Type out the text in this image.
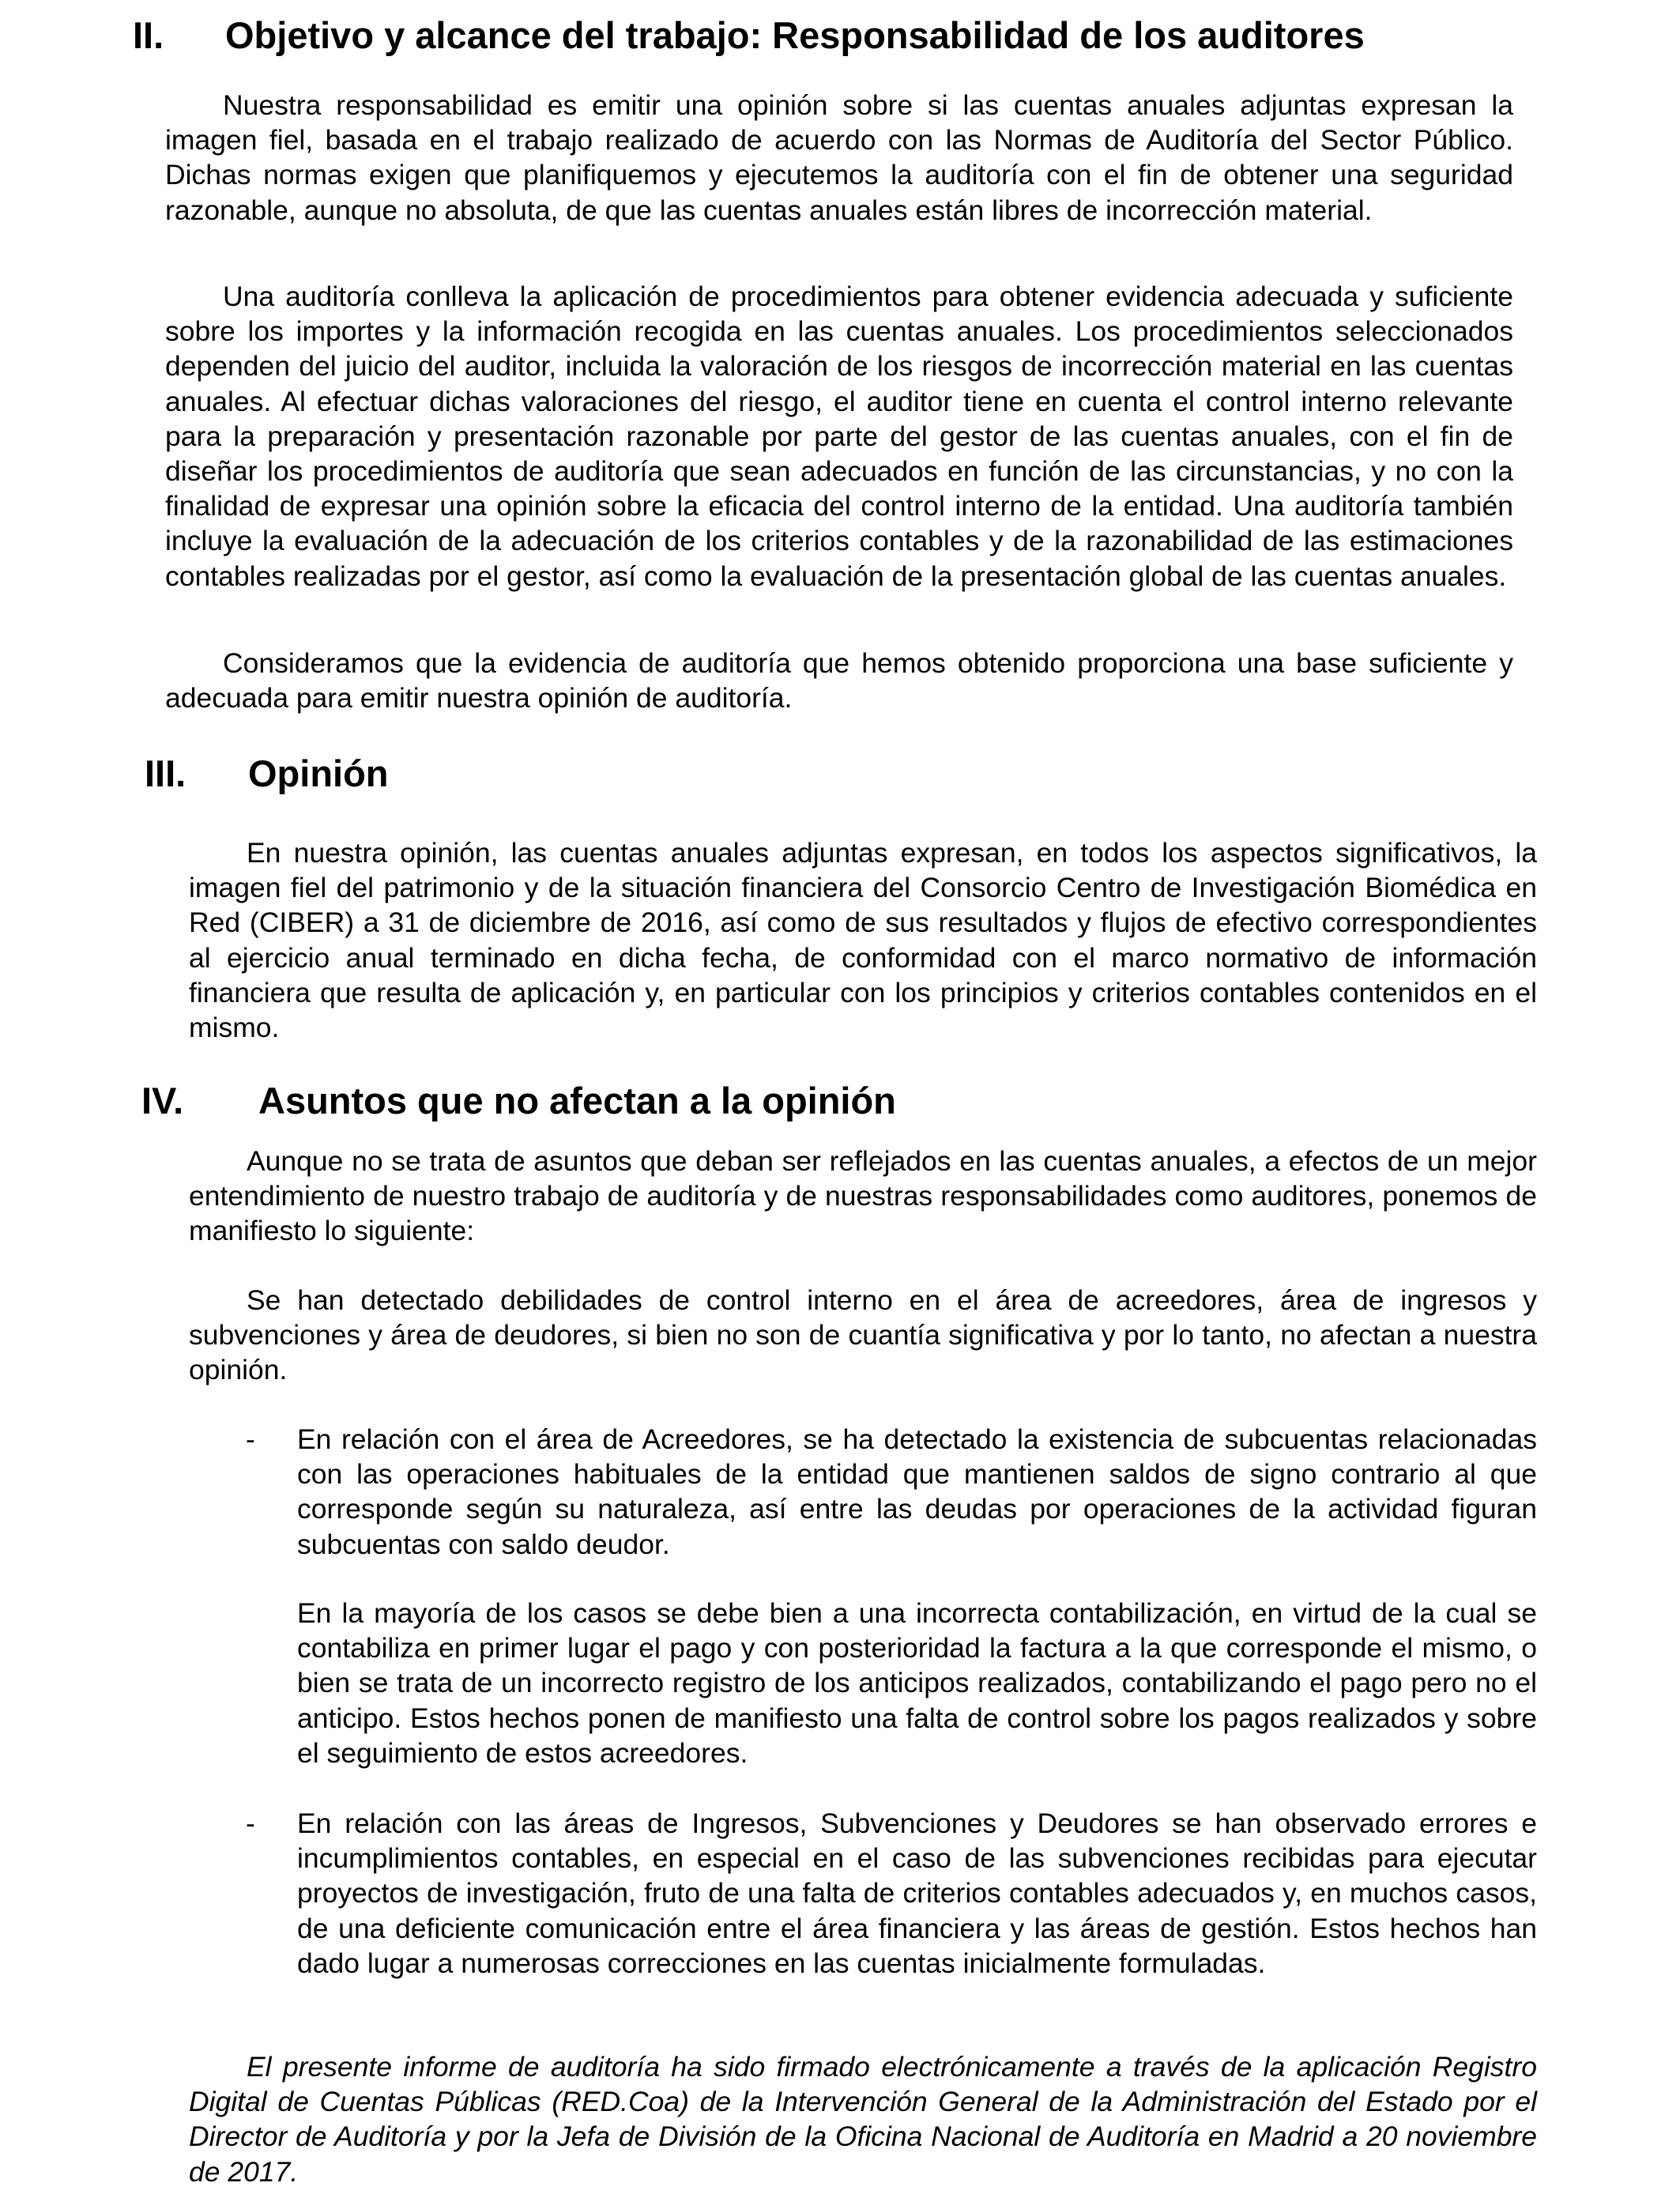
II. Objetivo y alcance del trabajo: Responsabilidad de los auditores

Nuestra responsabilidad es emitir una opinión sobre si las cuentas anuales adjuntas expresan la imagen fiel, basada en el trabajo realizado de acuerdo con las Normas de Auditoría del Sector Público. Dichas normas exigen que planifiquemos y ejecutemos la auditoría con el fin de obtener una seguridad razonable, aunque no absoluta, de que las cuentas anuales están libres de incorrección material.

Una auditoría conlleva la aplicación de procedimientos para obtener evidencia adecuada y suficiente sobre los importes y la información recogida en las cuentas anuales. Los procedimientos seleccionados dependen del juicio del auditor, incluida la valoración de los riesgos de incorrección material en las cuentas anuales. Al efectuar dichas valoraciones del riesgo, el auditor tiene en cuenta el control interno relevante para la preparación y presentación razonable por parte del gestor de las cuentas anuales, con el fin de diseñar los procedimientos de auditoría que sean adecuados en función de las circunstancias, y no con la finalidad de expresar una opinión sobre la eficacia del control interno de la entidad. Una auditoría también incluye la evaluación de la adecuación de los criterios contables y de la razonabilidad de las estimaciones contables realizadas por el gestor, así como la evaluación de la presentación global de las cuentas anuales.

Consideramos que la evidencia de auditoría que hemos obtenido proporciona una base suficiente y adecuada para emitir nuestra opinión de auditoría.

III. Opinión

En nuestra opinión, las cuentas anuales adjuntas expresan, en todos los aspectos significativos, la imagen fiel del patrimonio y de la situación financiera del Consorcio Centro de Investigación Biomédica en Red (CIBER) a 31 de diciembre de 2016, así como de sus resultados y flujos de efectivo correspondientes al ejercicio anual terminado en dicha fecha, de conformidad con el marco normativo de información financiera que resulta de aplicación y, en particular con los principios y criterios contables contenidos en el mismo.

IV. Asuntos que no afectan a la opinión

Aunque no se trata de asuntos que deban ser reflejados en las cuentas anuales, a efectos de un mejor entendimiento de nuestro trabajo de auditoría y de nuestras responsabilidades como auditores, ponemos de manifiesto lo siguiente:

Se han detectado debilidades de control interno en el área de acreedores, área de ingresos y subvenciones y área de deudores, si bien no son de cuantía significativa y por lo tanto, no afectan a nuestra opinión.

- En relación con el área de Acreedores, se ha detectado la existencia de subcuentas relacionadas con las operaciones habituales de la entidad que mantienen saldos de signo contrario al que corresponde según su naturaleza, así entre las deudas por operaciones de la actividad figuran subcuentas con saldo deudor.

En la mayoría de los casos se debe bien a una incorrecta contabilización, en virtud de la cual se contabiliza en primer lugar el pago y con posterioridad la factura a la que corresponde el mismo, o bien se trata de un incorrecto registro de los anticipos realizados, contabilizando el pago pero no el anticipo. Estos hechos ponen de manifiesto una falta de control sobre los pagos realizados y sobre el seguimiento de estos acreedores.

- En relación con las áreas de Ingresos, Subvenciones y Deudores se han observado errores e incumplimientos contables, en especial en el caso de las subvenciones recibidas para ejecutar proyectos de investigación, fruto de una falta de criterios contables adecuados y, en muchos casos, de una deficiente comunicación entre el área financiera y las áreas de gestión. Estos hechos han dado lugar a numerosas correcciones en las cuentas inicialmente formuladas.

El presente informe de auditoría ha sido firmado electrónicamente a través de la aplicación Registro Digital de Cuentas Públicas (RED.Coa) de la Intervención General de la Administración del Estado por el Director de Auditoría y por la Jefa de División de la Oficina Nacional de Auditoría en Madrid a 20 noviembre de 2017.
